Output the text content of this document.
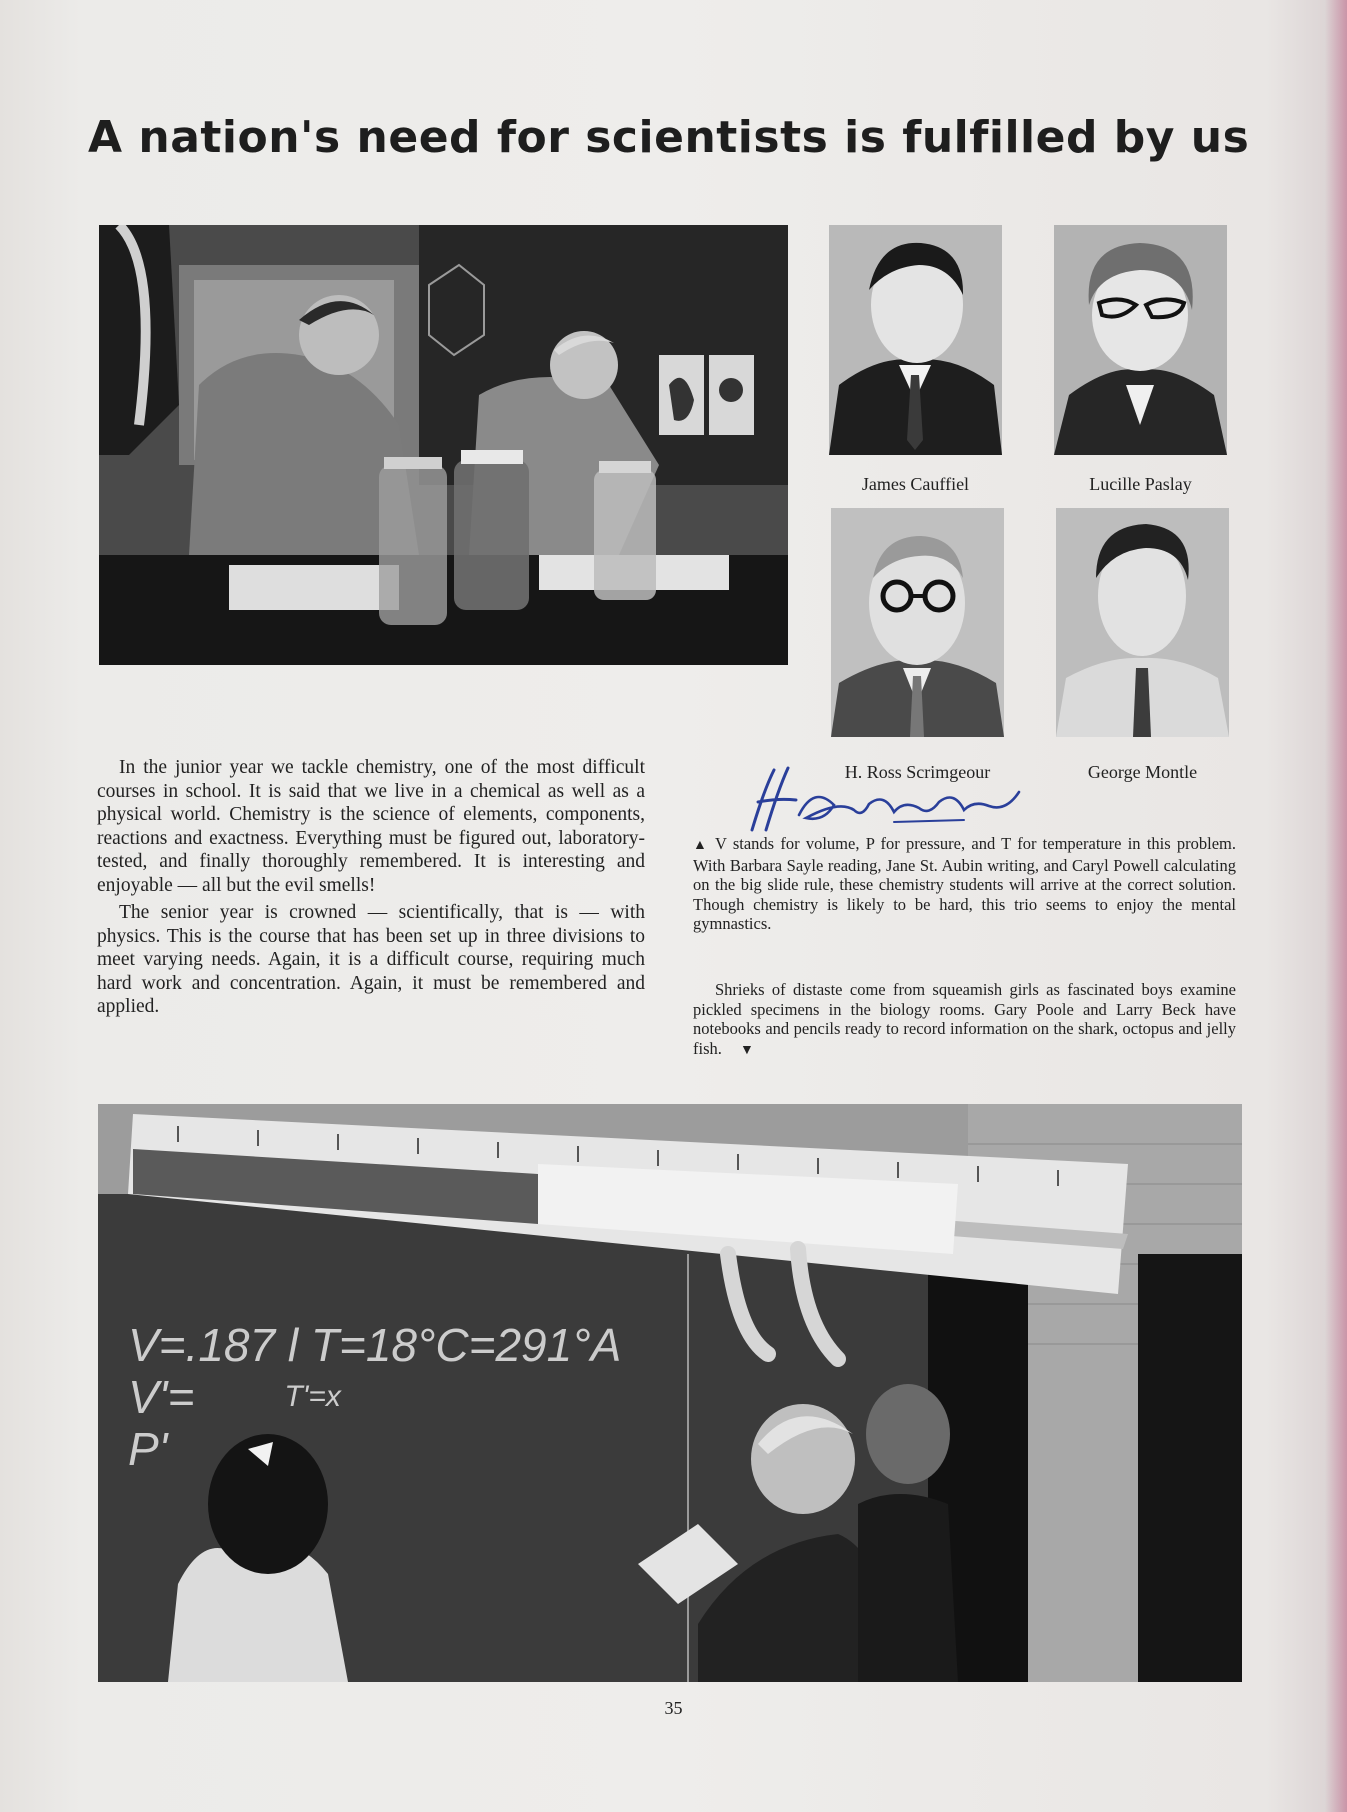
A nation's need for scientists is fulfilled by us
James Cauffiel	Lucille Paslay
H. Ross Scrimgeour	George Montle

In the junior year we tackle chemistry, one of the most difficult courses in school. It is said that we live in a chemical as well as a physical world. Chemistry is the science of elements, components, reactions and exactness. Everything must be figured out, laboratory-tested, and finally thoroughly remembered. It is interesting and enjoyable — all but the evil smells!

The senior year is crowned — scientifically, that is — with physics. This is the course that has been set up in three divisions to meet varying needs. Again, it is a difficult course, requiring much hard work and concentration. Again, it must be remembered and applied.

▲ V stands for volume, P for pressure, and T for temperature in this problem. With Barbara Sayle reading, Jane St. Aubin writing, and Caryl Powell calculating on the big slide rule, these chemistry students will arrive at the correct solution. Though chemistry is likely to be hard, this trio seems to enjoy the mental gymnastics.
Shrieks of distaste come from squeamish girls as fascinated boys examine pickled specimens in the biology rooms. Gary Poole and Larry Beck have notebooks and pencils ready to record information on the shark, octopus and jelly fish. ▼
V=.187 l T=18°C=291°A
V'=	T'=x
P'
35
